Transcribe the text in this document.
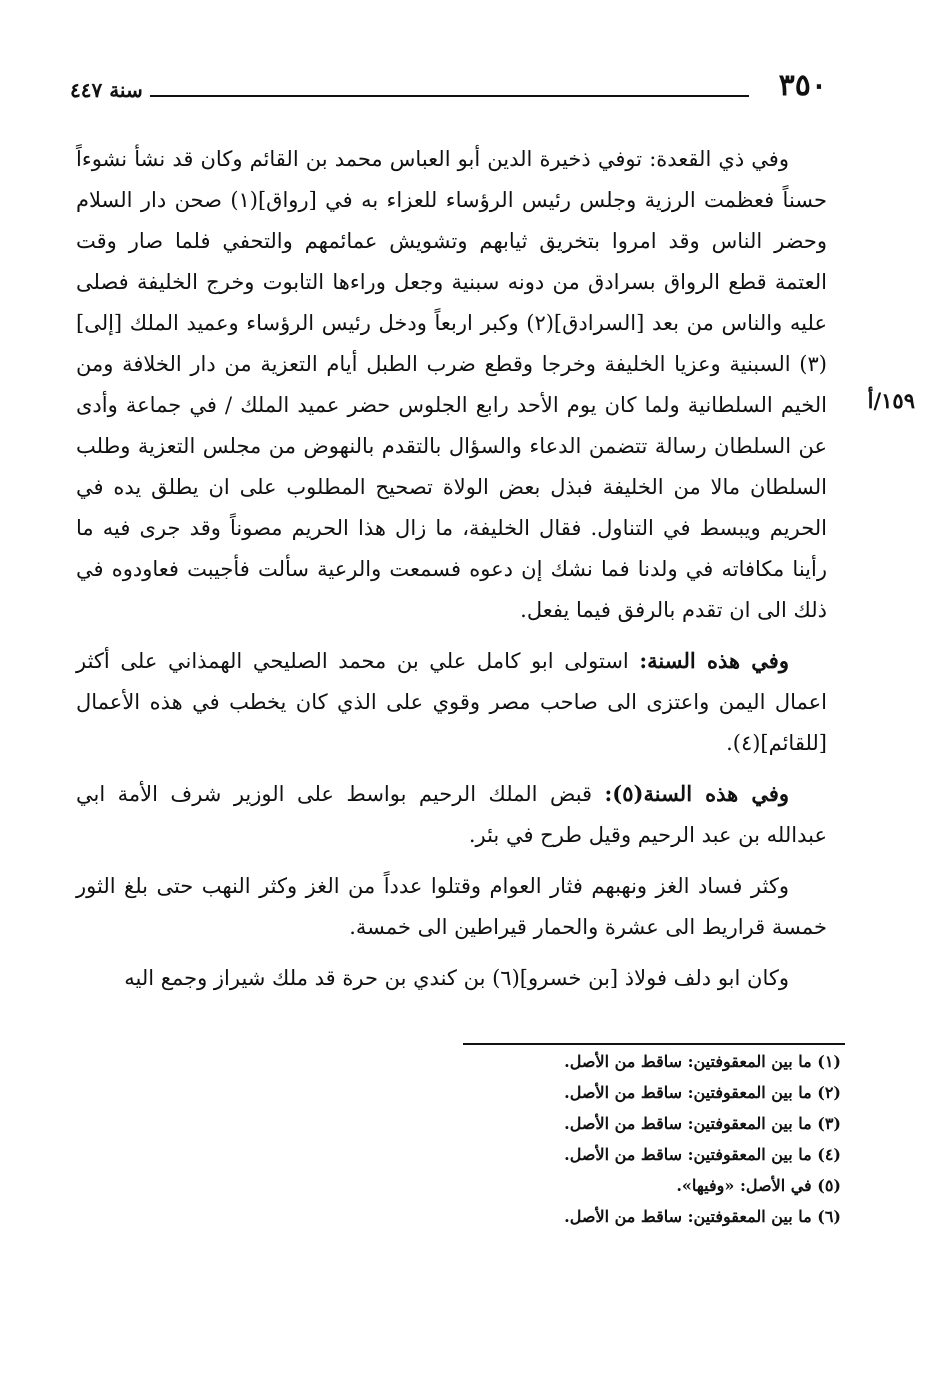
٣٥٠
سنة ٤٤٧
١٥٩/أ

وفي ذي القعدة: توفي ذخيرة الدين أبو العباس محمد بن القائم وكان قد نشأ نشوءاً حسناً فعظمت الرزية وجلس رئيس الرؤساء للعزاء به في [رواق](١) صحن دار السلام وحضر الناس وقد امروا بتخريق ثيابهم وتشويش عمائمهم والتحفي فلما صار وقت العتمة قطع الرواق بسرادق من دونه سبنية وجعل وراءها التابوت وخرج الخليفة فصلى عليه والناس من بعد [السرادق](٢) وكبر اربعاً ودخل رئيس الرؤساء وعميد الملك [إلى](٣) السبنية وعزيا الخليفة وخرجا وقطع ضرب الطبل أيام التعزية من دار الخلافة ومن الخيم السلطانية ولما كان يوم الأحد رابع الجلوس حضر عميد الملك / في جماعة وأدى عن السلطان رسالة تتضمن الدعاء والسؤال بالتقدم بالنهوض من مجلس التعزية وطلب السلطان مالا من الخليفة فبذل بعض الولاة تصحيح المطلوب على ان يطلق يده في الحريم ويبسط في التناول. فقال الخليفة، ما زال هذا الحريم مصوناً وقد جرى فيه ما رأينا مكافاته في ولدنا فما نشك إن دعوه فسمعت والرعية سألت فأجيبت فعاودوه في ذلك الى ان تقدم بالرفق فيما يفعل.

وفي هذه السنة: استولى ابو كامل علي بن محمد الصليحي الهمذاني على أكثر اعمال اليمن واعتزى الى صاحب مصر وقوي على الذي كان يخطب في هذه الأعمال [للقائم](٤).

وفي هذه السنة(٥): قبض الملك الرحيم بواسط على الوزير شرف الأمة ابي عبدالله بن عبد الرحيم وقيل طرح في بئر.

وكثر فساد الغز ونهبهم فثار العوام وقتلوا عدداً من الغز وكثر النهب حتى بلغ الثور خمسة قراريط الى عشرة والحمار قيراطين الى خمسة.

وكان ابو دلف فولاذ [بن خسرو](٦) بن كندي بن حرة قد ملك شيراز وجمع اليه

(١) ما بين المعقوفتين: ساقط من الأصل.
(٢) ما بين المعقوفتين: ساقط من الأصل.
(٣) ما بين المعقوفتين: ساقط من الأصل.
(٤) ما بين المعقوفتين: ساقط من الأصل.
(٥) في الأصل: «وفيها».
(٦) ما بين المعقوفتين: ساقط من الأصل.
